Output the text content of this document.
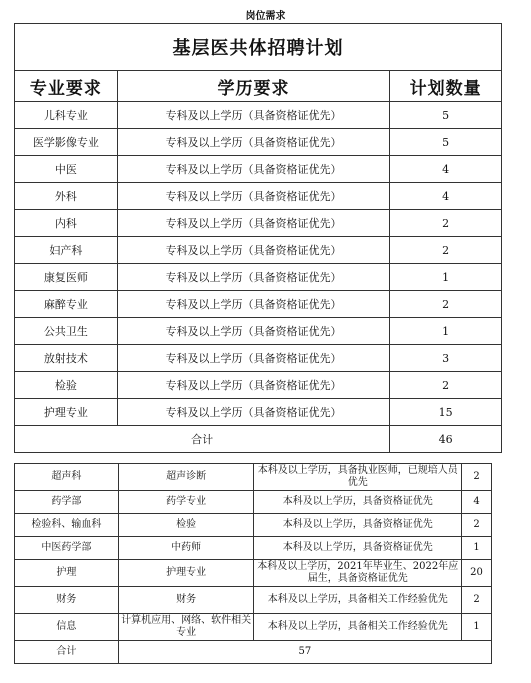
岗位需求
基层医共体招聘计划		
专业要求	学历要求	计划数量
儿科专业	专科及以上学历（具备资格证优先）	5
医学影像专业	专科及以上学历（具备资格证优先）	5
中医	专科及以上学历（具备资格证优先）	4
外科	专科及以上学历（具备资格证优先）	4
内科	专科及以上学历（具备资格证优先）	2
妇产科	专科及以上学历（具备资格证优先）	2
康复医师	专科及以上学历（具备资格证优先）	1
麻醉专业	专科及以上学历（具备资格证优先）	2
公共卫生	专科及以上学历（具备资格证优先）	1
放射技术	专科及以上学历（具备资格证优先）	3
检验	专科及以上学历（具备资格证优先）	2
护理专业	专科及以上学历（具备资格证优先）	15
合计		46
超声科	超声诊断	本科及以上学历，具备执业医师，已规培人员优先	2
药学部	药学专业	本科及以上学历，具备资格证优先	4
检验科、输血科	检验	本科及以上学历，具备资格证优先	2
中医药学部	中药师	本科及以上学历，具备资格证优先	1
护理	护理专业	本科及以上学历，2021年毕业生、2022年应届生，具备资格证优先	20
财务	财务	本科及以上学历，具备相关工作经验优先	2
信息	计算机应用、网络、软件相关专业	本科及以上学历，具备相关工作经验优先	1
合计	57		
